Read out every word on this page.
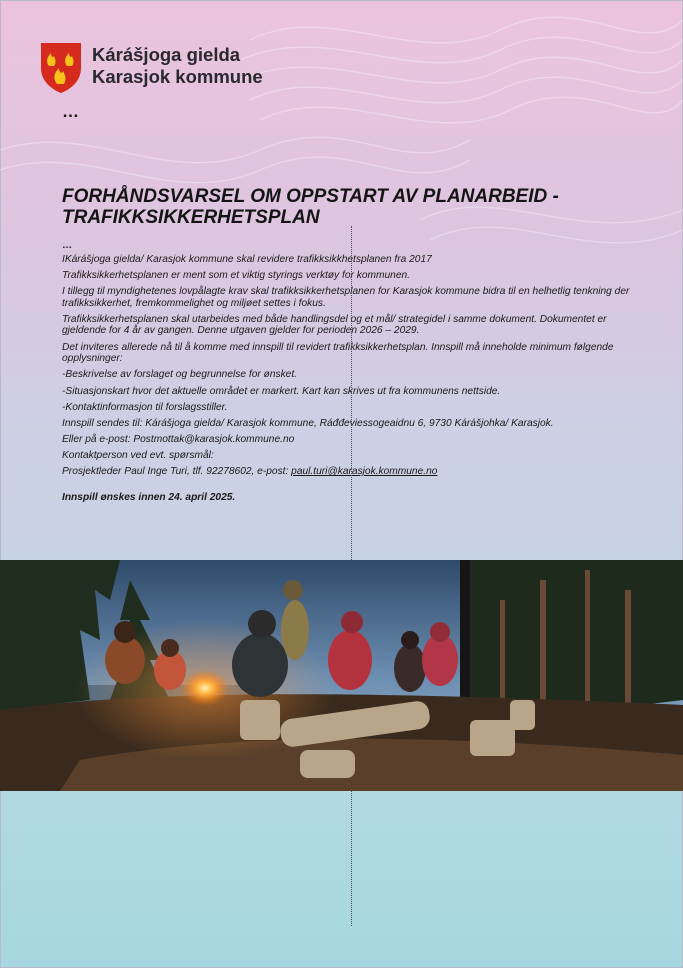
Kárášjoga gielda
Karasjok kommune
…
FORHÅNDSVARSEL OM OPPSTART AV PLANARBEID - TRAFIKKSIKKERHETSPLAN

…

IKárášjoga gielda/ Karasjok kommune skal revidere trafikksikkhetsplanen fra 2017

Trafikksikkerhetsplanen er ment som et viktig styrings verktøy for kommunen.

I tillegg til myndighetenes lovpålagte krav skal trafikksikkerhetsplanen for Karasjok kommune bidra til en helhetlig tenkning der trafikksikkerhet, fremkommelighet og miljøet settes i fokus.

Trafikksikkerhetsplanen skal utarbeides med både handlingsdel og et mål/ strategidel i samme dokument. Dokumentet er gjeldende for 4 år av gangen. Denne utgaven gjelder for perioden 2026 – 2029.

Det inviteres allerede nå til å komme med innspill til revidert trafikksikkerhetsplan. Innspill må inneholde minimum følgende opplysninger:

-Beskrivelse av forslaget og begrunnelse for ønsket.

-Situasjonskart hvor det aktuelle området er markert. Kart kan skrives ut fra kommunens nettside.

-Kontaktinformasjon til forslagsstiller.

Innspill sendes til: Kárášjoga gielda/ Karasjok kommune, Ráđđeviessogeaidnu 6, 9730 Kárášjohka/ Karasjok.

Eller på e-post: Postmottak@karasjok.kommune.no

Kontaktperson ved evt. spørsmål:

Prosjektleder Paul Inge Turi, tlf. 92278602, e-post: paul.turi@karasjok.kommune.no

Innspill ønskes innen 24. april 2025.
